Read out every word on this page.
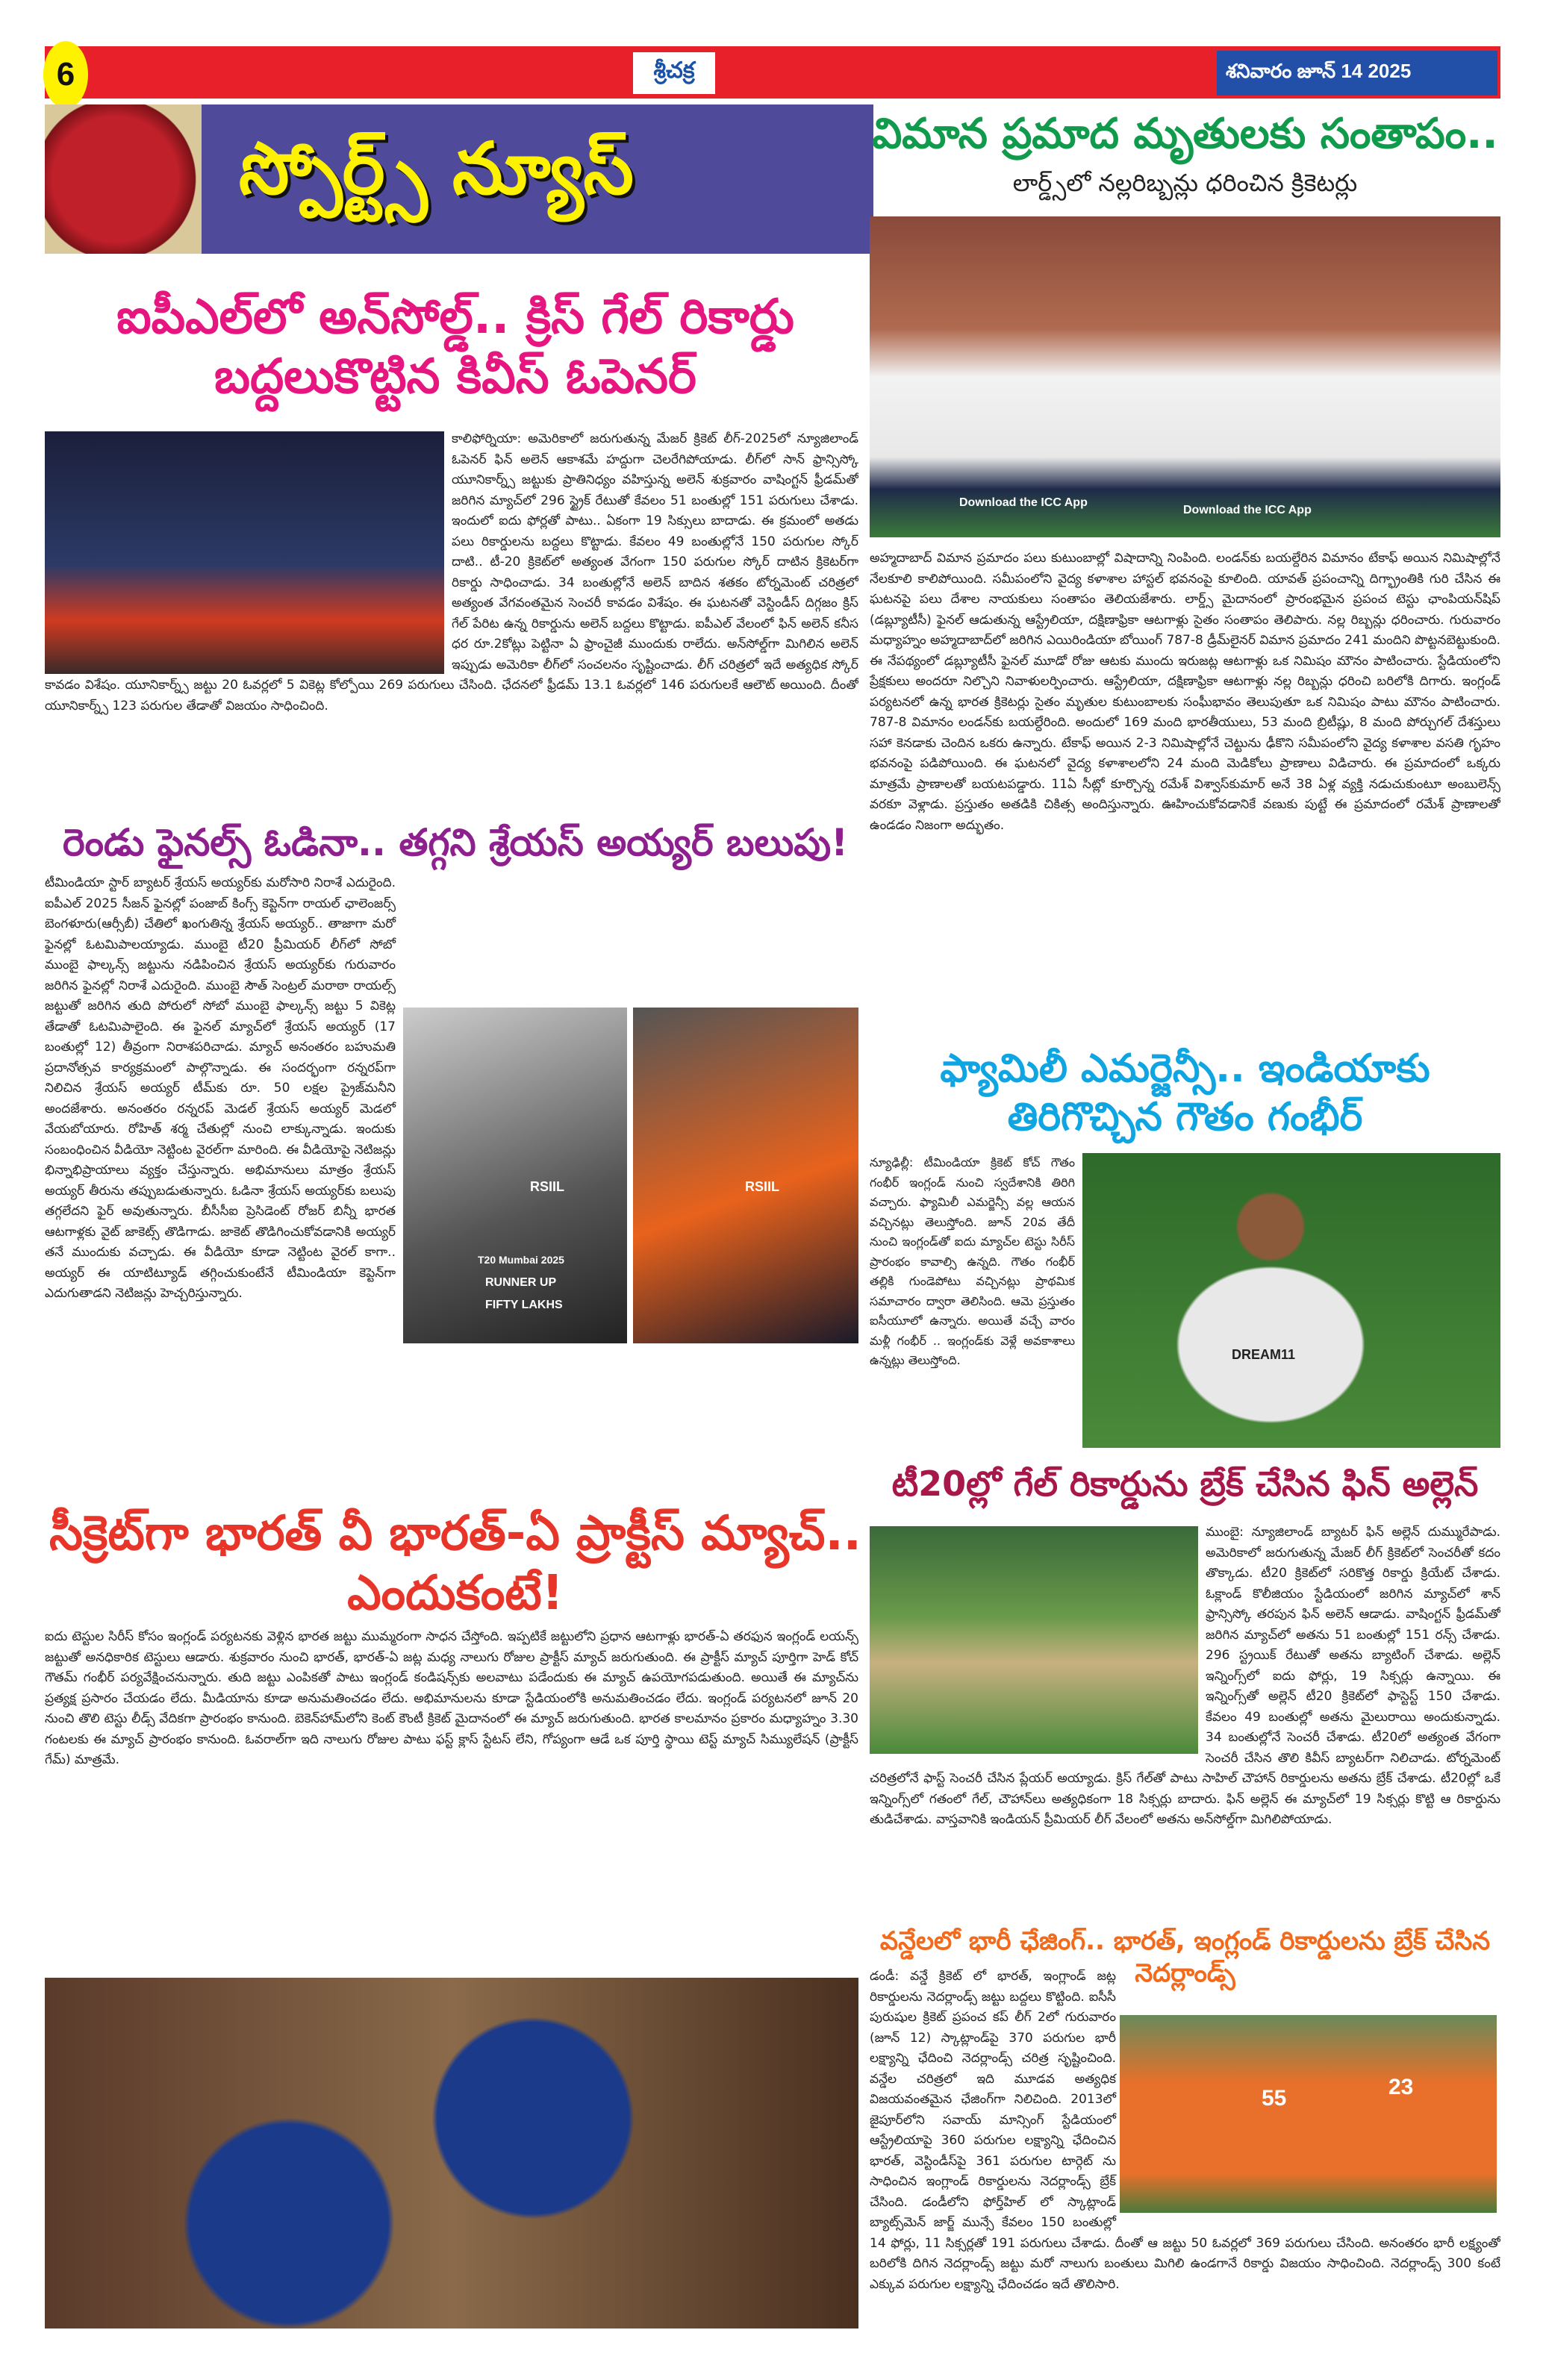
6	శ్రీచక్ర	శనివారం జూన్ 14 2025
స్పోర్ట్స్ న్యూస్
ఐపీఎల్‌లో అన్‌సోల్డ్.. క్రిస్ గేల్ రికార్డు బద్దలుకొట్టిన కివీస్ ఓపెనర్
కాలిఫోర్నియా: అమెరికాలో జరుగుతున్న మేజర్ క్రికెట్ లీగ్-2025లో న్యూజిలాండ్ ఓపెనర్ ఫిన్ అలెన్ ఆకాశమే హద్దుగా చెలరేగిపోయాడు. లీగ్‌లో సాన్ ఫ్రాన్సిస్కో యూనికార్న్స్ జట్టుకు ప్రాతినిధ్యం వహిస్తున్న అలెన్ శుక్రవారం వాషింగ్టన్ ఫ్రీడమ్‌తో జరిగిన మ్యాచ్‌లో 296 స్ట్రైక్ రేటుతో కేవలం 51 బంతుల్లో 151 పరుగులు చేశాడు. ఇందులో ఐదు ఫోర్లతో పాటు.. ఏకంగా 19 సిక్సులు బాదాడు. ఈ క్రమంలో అతడు పలు రికార్డులను బద్దలు కొట్టాడు. కేవలం 49 బంతుల్లోనే 150 పరుగుల స్కోర్ దాటి.. టీ-20 క్రికెట్‌లో అత్యంత వేగంగా 150 పరుగుల స్కోర్ దాటిన క్రికెటర్‌గా రికార్డు సాధించాడు. 34 బంతుల్లోనే అలెన్ బాదిన శతకం టోర్నమెంట్ చరిత్రలో అత్యంత వేగవంతమైన సెంచరీ కావడం విశేషం. ఈ ఘటనతో వెస్టిండీస్ దిగ్గజం క్రిస్ గేల్ పేరిట ఉన్న రికార్డును అలెన్ బద్దలు కొట్టాడు. ఐపీఎల్ వేలంలో ఫిన్ అలెన్ కనీస ధర రూ.2కోట్లు పెట్టినా ఏ ఫ్రాంచైజీ ముందుకు రాలేదు. అన్‌సోల్డ్‌గా మిగిలిన అలెన్ ఇప్పుడు అమెరికా లీగ్‌లో సంచలనం సృష్టించాడు. లీగ్ చరిత్రలో ఇదే అత్యధిక స్కోర్ కావడం విశేషం. యూనికార్న్స్ జట్టు 20 ఓవర్లలో 5 వికెట్ల కోల్పోయి 269 పరుగులు చేసింది. ఛేదనలో ఫ్రీడమ్ 13.1 ఓవర్లలో 146 పరుగులకే ఆలౌట్ అయింది. దీంతో యూనికార్న్స్ 123 పరుగుల తేడాతో విజయం సాధించింది.
రెండు ఫైనల్స్ ఓడినా.. తగ్గని శ్రేయస్ అయ్యర్ బలుపు!
టీమిండియా స్టార్ బ్యాటర్ శ్రేయస్ అయ్యర్‌కు మరోసారి నిరాశే ఎదురైంది. ఐపీఎల్ 2025 సీజన్ ఫైనల్లో పంజాబ్ కింగ్స్ కెప్టెన్‌గా రాయల్ ఛాలెంజర్స్ బెంగళూరు(ఆర్సీబీ) చేతిలో ఖంగుతిన్న శ్రేయస్ అయ్యర్.. తాజాగా మరో ఫైనల్లో ఓటమిపాలయ్యాడు. ముంబై టీ20 ప్రీమియర్ లీగ్‌లో సోబో ముంబై ఫాల్కన్స్ జట్టును నడిపించిన శ్రేయస్ అయ్యర్‌కు గురువారం జరిగిన ఫైనల్లో నిరాశే ఎదురైంది. ముంబై సౌత్ సెంట్రల్ మరాఠా రాయల్స్ జట్టుతో జరిగిన తుది పోరులో సోబో ముంబై ఫాల్కన్స్ జట్టు 5 వికెట్ల తేడాతో ఓటమిపాలైంది. ఈ ఫైనల్ మ్యాచ్‌లో శ్రేయస్ అయ్యర్ (17 బంతుల్లో 12) తీవ్రంగా నిరాశపరిచాడు. మ్యాచ్ అనంతరం బహుమతి ప్రదానోత్సవ కార్యక్రమంలో పాల్గొన్నాడు. ఈ సందర్భంగా రన్నరప్‌గా నిలిచిన శ్రేయస్ అయ్యర్ టీమ్‌కు రూ. 50 లక్షల ప్రైజ్‌మనీని అందజేశారు. అనంతరం రన్నరప్ మెడల్ శ్రేయస్ అయ్యర్ మెడలో వేయబోయారు. రోహిత్ శర్మ చేతుల్లో నుంచి లాక్కున్నాడు. ఇందుకు సంబంధించిన వీడియో నెట్టింట వైరల్‌గా మారింది. ఈ వీడియోపై నెటిజన్లు భిన్నాభిప్రాయాలు వ్యక్తం చేస్తున్నారు. అభిమానులు మాత్రం శ్రేయస్ అయ్యర్ తీరును తప్పుబడుతున్నారు. ఓడినా శ్రేయస్ అయ్యర్‌కు బలుపు తగ్గలేదని ఫైర్ అవుతున్నారు. బీసీసీఐ ప్రెసిడెంట్ రోజర్ బిన్నీ భారత ఆటగాళ్లకు వైట్ జాకెట్స్ తొడిగాడు. జాకెట్ తొడిగించుకోవడానికి అయ్యర్ తనే ముందుకు వచ్చాడు. ఈ వీడియో కూడా నెట్టింట వైరల్ కాగా.. అయ్యర్ ఈ యాటిట్యూడ్ తగ్గించుకుంటేనే టీమిండియా కెప్టెన్‌గా ఎదుగుతాడని నెటిజన్లు హెచ్చరిస్తున్నారు.
T20 Mumbai 2025
RUNNER UP
FIFTY LAKHS
RSIIL	RSIIL
సీక్రెట్‌గా భారత్ వీ భారత్-ఏ ప్రాక్టీస్ మ్యాచ్.. ఎందుకంటే!
ఐదు టెస్టుల సిరీస్ కోసం ఇంగ్లండ్ పర్యటనకు వెళ్లిన భారత జట్టు ముమ్మరంగా సాధన చేస్తోంది. ఇప్పటికే జట్టులోని ప్రధాన ఆటగాళ్లు భారత్-ఏ తరఫున ఇంగ్లండ్ లయన్స్ జట్టుతో అనధికారిక టెస్టులు ఆడారు. శుక్రవారం నుంచి భారత్, భారత్-ఏ జట్ల మధ్య నాలుగు రోజుల ప్రాక్టీస్ మ్యాచ్ జరుగుతుంది. ఈ ప్రాక్టీస్ మ్యాచ్ పూర్తిగా హెడ్ కోచ్ గౌతమ్ గంభీర్ పర్యవేక్షించనున్నారు. తుది జట్టు ఎంపికతో పాటు ఇంగ్లండ్ కండిషన్స్‌కు అలవాటు పడేందుకు ఈ మ్యాచ్ ఉపయోగపడుతుంది. అయితే ఈ మ్యాచ్‌ను ప్రత్యక్ష ప్రసారం చేయడం లేదు. మీడియాను కూడా అనుమతించడం లేదు. అభిమానులను కూడా స్టేడియంలోకి అనుమతించడం లేదు. ఇంగ్లండ్ పర్యటనలో జూన్ 20 నుంచి తొలి టెస్టు లీడ్స్ వేదికగా ప్రారంభం కానుంది. బెకెన్‌హామ్‌లోని కెంట్ కౌంటీ క్రికెట్ మైదానంలో ఈ మ్యాచ్ జరుగుతుంది. భారత కాలమానం ప్రకారం మధ్యాహ్నం 3.30 గంటలకు ఈ మ్యాచ్ ప్రారంభం కానుంది. ఓవరాల్‌గా ఇది నాలుగు రోజుల పాటు ఫస్ట్ క్లాస్ స్టేటస్ లేని, గోప్యంగా ఆడే ఒక పూర్తి స్థాయి టెస్ట్ మ్యాచ్ సిమ్యులేషన్ (ప్రాక్టీస్ గేమ్) మాత్రమే.
విమాన ప్రమాద మృతులకు సంతాపం..
లార్డ్స్‌లో నల్లరిబ్బన్లు ధరించిన క్రికెటర్లు
Download the ICC App
Download the ICC App
అహ్మదాబాద్ విమాన ప్రమాదం పలు కుటుంబాల్లో విషాదాన్ని నింపింది. లండన్‌కు బయల్దేరిన విమానం టేకాఫ్ అయిన నిమిషాల్లోనే నేలకూలి కాలిపోయింది. సమీపంలోని వైద్య కళాశాల హాస్టల్ భవనంపై కూలింది. యావత్ ప్రపంచాన్ని దిగ్భ్రాంతికి గురి చేసిన ఈ ఘటనపై పలు దేశాల నాయకులు సంతాపం తెలియజేశారు. లార్డ్స్ మైదానంలో ప్రారంభమైన ప్రపంచ టెస్టు ఛాంపియన్‌షిప్ (డబ్ల్యూటీసీ) ఫైనల్ ఆడుతున్న ఆస్ట్రేలియా, దక్షిణాఫ్రికా ఆటగాళ్లు సైతం సంతాపం తెలిపారు. నల్ల రిబ్బన్లు ధరించారు. గురువారం మధ్యాహ్నం అహ్మదాబాద్‌లో జరిగిన ఎయిరిండియా బోయింగ్ 787-8 డ్రీమ్‌లైనర్ విమాన ప్రమాదం 241 మందిని పొట్టనబెట్టుకుంది. ఈ నేపథ్యంలో డబ్ల్యూటీసీ ఫైనల్ మూడో రోజు ఆటకు ముందు ఇరుజట్ల ఆటగాళ్లు ఒక నిమిషం మౌనం పాటించారు. స్టేడియంలోని ప్రేక్షకులు అందరూ నిల్చొని నివాళులర్పించారు. ఆస్ట్రేలియా, దక్షిణాఫ్రికా ఆటగాళ్లు నల్ల రిబ్బన్లు ధరించి బరిలోకి దిగారు. ఇంగ్లండ్ పర్యటనలో ఉన్న భారత క్రికెటర్లు సైతం మృతుల కుటుంబాలకు సంఘీభావం తెలుపుతూ ఒక నిమిషం పాటు మౌనం పాటించారు. 787-8 విమానం లండన్‌కు బయల్దేరింది. అందులో 169 మంది భారతీయులు, 53 మంది బ్రిటీష్లు, 8 మంది పోర్చుగల్ దేశస్తులు సహా కెనడాకు చెందిన ఒకరు ఉన్నారు. టేకాఫ్ అయిన 2-3 నిమిషాల్లోనే చెట్టును ఢీకొని సమీపంలోని వైద్య కళాశాల వసతి గృహం భవనంపై పడిపోయింది. ఈ ఘటనలో వైద్య కళాశాలలోని 24 మంది మెడికోలు ప్రాణాలు విడిచారు. ఈ ప్రమాదంలో ఒక్కరు మాత్రమే ప్రాణాలతో బయటపడ్డారు. 11ఏ సీట్లో కూర్చొన్న రమేశ్ విశ్వాస్‌కుమార్ అనే 38 ఏళ్ల వ్యక్తి నడుచుకుంటూ అంబులెన్స్ వరకూ వెళ్లాడు. ప్రస్తుతం అతడికి చికిత్స అందిస్తున్నారు. ఊహించుకోవడానికే వణుకు పుట్టే ఈ ప్రమాదంలో రమేశ్ ప్రాణాలతో ఉండడం నిజంగా అద్భుతం.
ఫ్యామిలీ ఎమర్జెన్సీ.. ఇండియాకు తిరిగొచ్చిన గౌతం గంభీర్
న్యూఢిల్లీ: టీమిండియా క్రికెట్ కోచ్ గౌతం గంభీర్ ఇంగ్లండ్ నుంచి స్వదేశానికి తిరిగి వచ్చారు. ఫ్యామిలీ ఎమర్జెన్సీ వల్ల ఆయన వచ్చినట్లు తెలుస్తోంది. జూన్ 20వ తేదీ నుంచి ఇంగ్లండ్‌తో ఐదు మ్యాచ్‌ల టెస్టు సిరీస్ ప్రారంభం కావాల్సి ఉన్నది. గౌతం గంభీర్ తల్లికి గుండెపోటు వచ్చినట్లు ప్రాథమిక సమాచారం ద్వారా తెలిసింది. ఆమె ప్రస్తుతం ఐసీయూలో ఉన్నారు. అయితే వచ్చే వారం మళ్లీ గంభీర్ .. ఇంగ్లండ్‌కు వెళ్లే అవకాశాలు ఉన్నట్లు తెలుస్తోంది.	DREAM11
టీ20ల్లో గేల్ రికార్డును బ్రేక్ చేసిన ఫిన్ అల్లెన్
ముంబై: న్యూజిలాండ్ బ్యాటర్ ఫిన్ అల్లెన్ దుమ్మురేపాడు. అమెరికాలో జరుగుతున్న మేజర్ లీగ్ క్రికెట్‌లో సెంచరీతో కదం తొక్కాడు. టీ20 క్రికెట్‌లో సరికొత్త రికార్డు క్రియేట్ చేశాడు. ఓక్లాండ్ కొలీజియం స్టేడియంలో జరిగిన మ్యాచ్‌లో శాన్ ఫ్రాన్సిస్కో తరపున ఫిన్ అలెన్ ఆడాడు. వాషింగ్టన్ ఫ్రీడమ్‌తో జరిగిన మ్యాచ్‌లో అతను 51 బంతుల్లో 151 రన్స్ చేశాడు. 296 స్ట్రయిక్ రేటుతో అతను బ్యాటింగ్ చేశాడు. అల్లెన్ ఇన్నింగ్స్‌లో ఐదు ఫోర్లు, 19 సిక్సర్లు ఉన్నాయి. ఈ ఇన్నింగ్స్‌తో అల్లెన్ టీ20 క్రికెట్‌లో ఫాస్టెస్ట్ 150 చేశాడు. కేవలం 49 బంతుల్లో అతను మైలురాయి అందుకున్నాడు. 34 బంతుల్లోనే సెంచరీ చేశాడు. టీ20లో అత్యంత వేగంగా సెంచరీ చేసిన తొలి కివీస్ బ్యాటర్‌గా నిలిచాడు. టోర్నమెంట్ చరిత్రలోనే ఫాస్ట్ సెంచరీ చేసిన ప్లేయర్ అయ్యాడు. క్రిస్ గేల్‌తో పాటు సాహిల్ చౌహాన్ రికార్డులను అతను బ్రేక్ చేశాడు. టీ20ల్లో ఒకే ఇన్నింగ్స్‌లో గతంలో గేల్, చౌహాన్‌లు అత్యధికంగా 18 సిక్సర్లు బాదారు. ఫిన్ అల్లెన్ ఈ మ్యాచ్‌లో 19 సిక్సర్లు కొట్టి ఆ రికార్డును తుడిచేశాడు. వాస్తవానికి ఇండియన్ ప్రీమియర్ లీగ్ వేలంలో అతను అన్‌సోల్డ్‌గా మిగిలిపోయాడు.
వన్డేలలో భారీ ఛేజింగ్.. భారత్, ఇంగ్లండ్ రికార్డులను బ్రేక్ చేసిన నెదర్లాండ్స్
డండీ: వన్డే క్రికెట్ లో భారత్, ఇంగ్లాండ్ జట్ల రికార్డులను నెదర్లాండ్స్ జట్టు బద్దలు కొట్టింది. ఐసీసీ పురుషుల క్రికెట్ ప్రపంచ కప్ లీగ్ 2లో గురువారం (జూన్ 12) స్కాట్లాండ్‌పై 370 పరుగుల భారీ లక్ష్యాన్ని ఛేదించి నెదర్లాండ్స్ చరిత్ర సృష్టించింది. వన్డేల చరిత్రలో ఇది మూడవ అత్యధిక విజయవంతమైన ఛేజింగ్‌గా నిలిచింది. 2013లో జైపూర్‌లోని సవాయ్ మాన్సింగ్ స్టేడియంలో ఆస్ట్రేలియాపై 360 పరుగుల లక్ష్యాన్ని ఛేదించిన భారత్, వెస్టిండీస్‌పై 361 పరుగుల టార్గెట్ ను సాధించిన ఇంగ్లాండ్ రికార్డులను నెదర్లాండ్స్ బ్రేక్ చేసింది. డండీలోని ఫోర్త్‌హిల్ లో స్కాట్లాండ్ బ్యాట్స్‌మెన్ జార్జ్ మున్సే కేవలం 150 బంతుల్లో 14 ఫోర్లు, 11 సిక్సర్లతో 191 పరుగులు చేశాడు. దీంతో ఆ జట్టు 50 ఓవర్లలో 369 పరుగులు చేసింది. అనంతరం భారీ లక్ష్యంతో బరిలోకి దిగిన నెదర్లాండ్స్ జట్టు మరో నాలుగు బంతులు మిగిలి ఉండగానే రికార్డు విజయం సాధించింది. నెదర్లాండ్స్ 300 కంటే ఎక్కువ పరుగుల లక్ష్యాన్ని ఛేదించడం ఇదే తొలిసారి.
55	23
